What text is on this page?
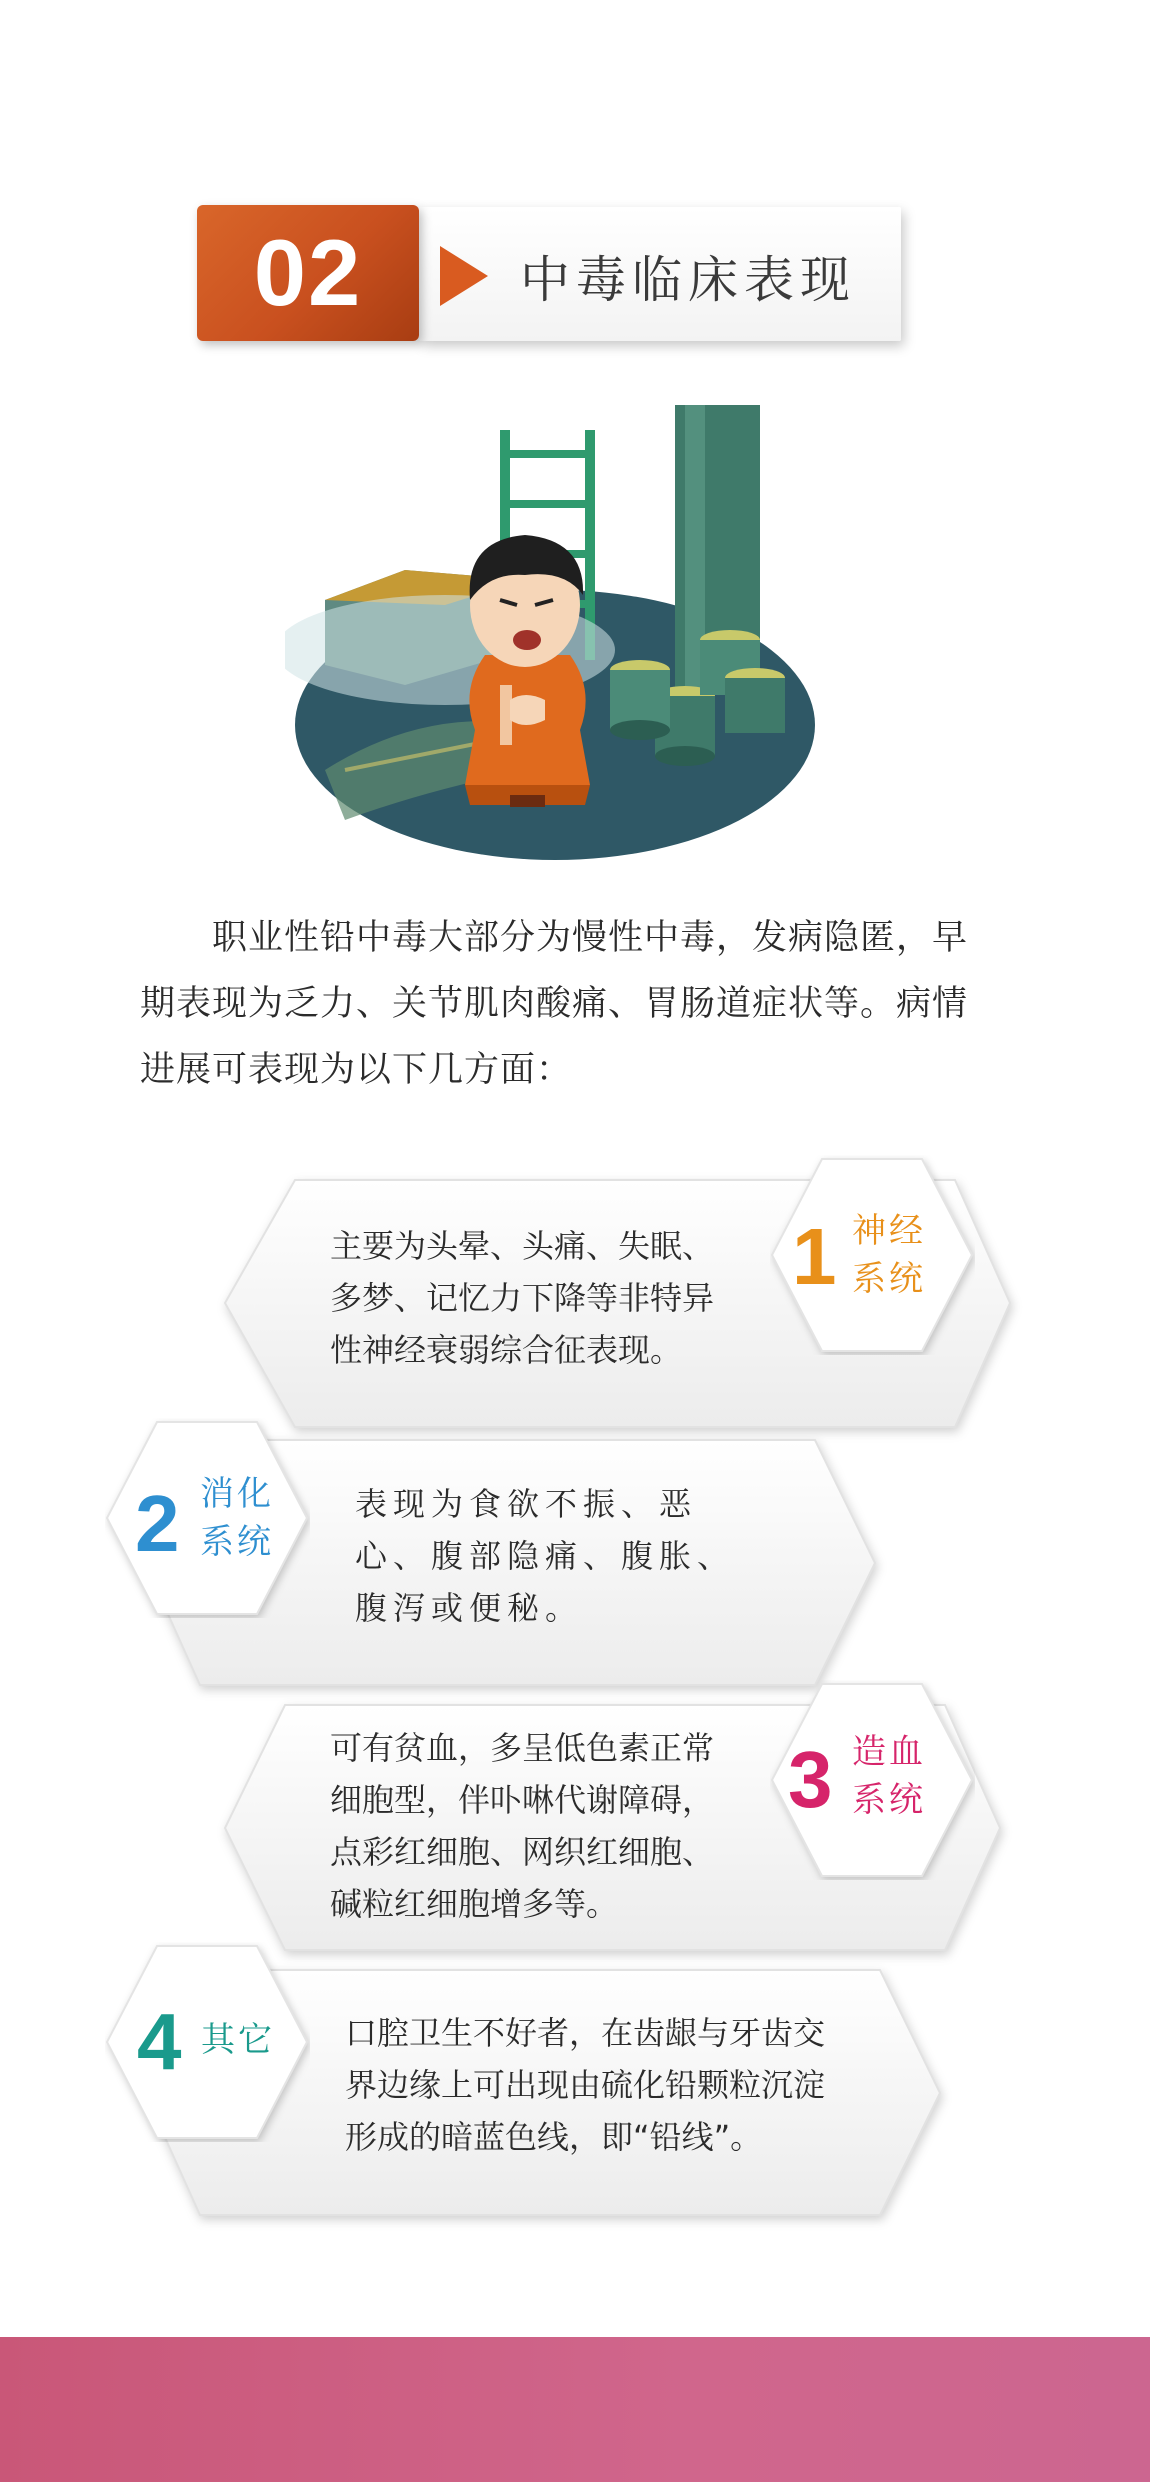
02	中毒临床表现

职业性铅中毒大部分为慢性中毒，发病隐匿，早期表现为乏力、关节肌肉酸痛、胃肠道症状等。病情进展可表现为以下几方面：

主要为头晕、头痛、失眠、
多梦、记忆力下降等非特异
性神经衰弱综合征表现。
1 神经
系统
表现为食欲不振、恶
心、腹部隐痛、腹胀、
腹泻或便秘。
2 消化
系统
可有贫血，多呈低色素正常
细胞型，伴卟啉代谢障碍，
点彩红细胞、网织红细胞、
碱粒红细胞增多等。
3 造血
系统
口腔卫生不好者，在齿龈与牙齿交
界边缘上可出现由硫化铅颗粒沉淀
形成的暗蓝色线，即“铅线”。
4 其它
